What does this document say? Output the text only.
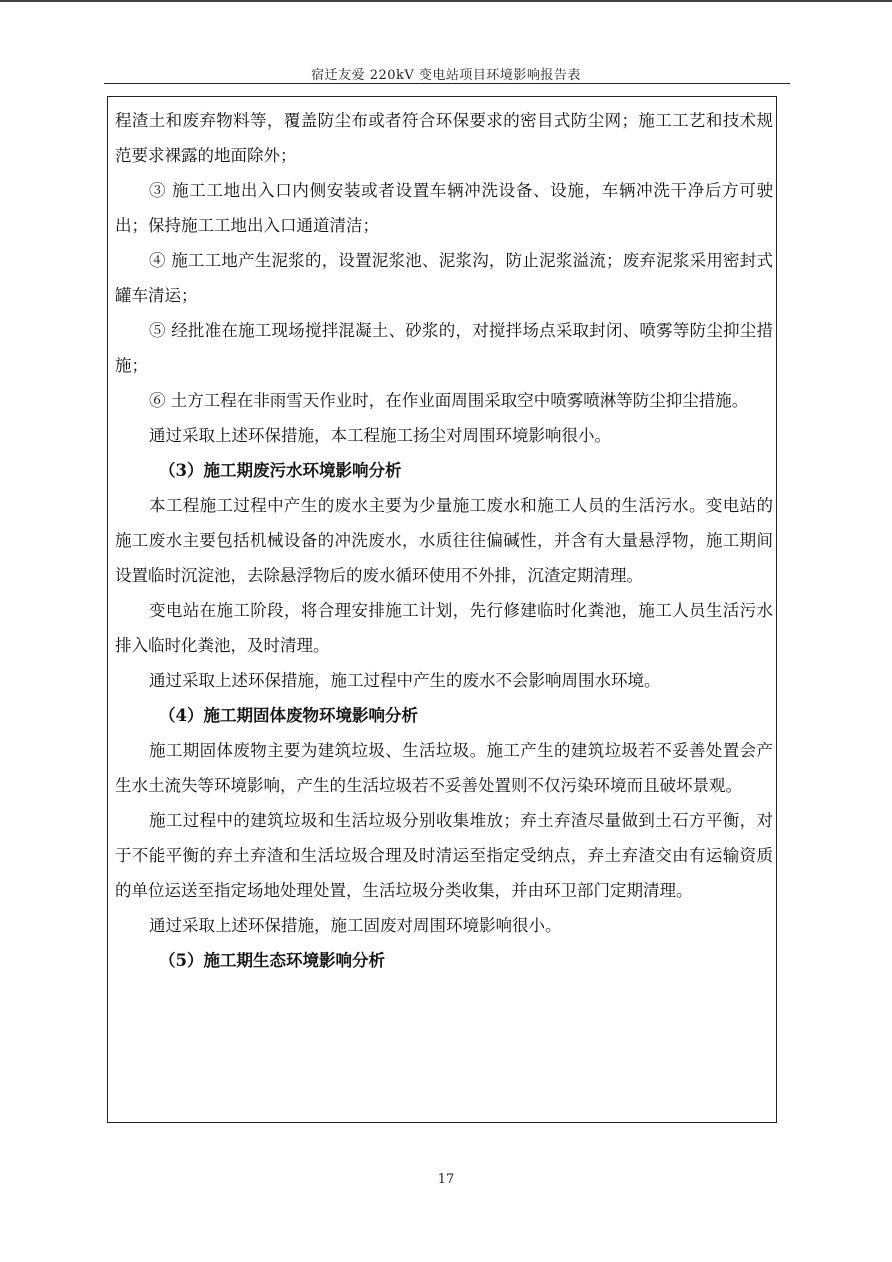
宿迁友爱 220kV 变电站项目环境影响报告表

程渣土和废弃物料等，覆盖防尘布或者符合环保要求的密目式防尘网；施工工艺和技术规范要求裸露的地面除外；

③ 施工工地出入口内侧安装或者设置车辆冲洗设备、设施，车辆冲洗干净后方可驶出；保持施工工地出入口通道清洁；

④ 施工工地产生泥浆的，设置泥浆池、泥浆沟，防止泥浆溢流；废弃泥浆采用密封式罐车清运；

⑤ 经批准在施工现场搅拌混凝土、砂浆的，对搅拌场点采取封闭、喷雾等防尘抑尘措施；

⑥ 土方工程在非雨雪天作业时，在作业面周围采取空中喷雾喷淋等防尘抑尘措施。

通过采取上述环保措施，本工程施工扬尘对周围环境影响很小。

（3）施工期废污水环境影响分析

本工程施工过程中产生的废水主要为少量施工废水和施工人员的生活污水。变电站的施工废水主要包括机械设备的冲洗废水，水质往往偏碱性，并含有大量悬浮物，施工期间设置临时沉淀池，去除悬浮物后的废水循环使用不外排，沉渣定期清理。

变电站在施工阶段，将合理安排施工计划，先行修建临时化粪池，施工人员生活污水排入临时化粪池，及时清理。

通过采取上述环保措施，施工过程中产生的废水不会影响周围水环境。

（4）施工期固体废物环境影响分析

施工期固体废物主要为建筑垃圾、生活垃圾。施工产生的建筑垃圾若不妥善处置会产生水土流失等环境影响，产生的生活垃圾若不妥善处置则不仅污染环境而且破坏景观。

施工过程中的建筑垃圾和生活垃圾分别收集堆放；弃土弃渣尽量做到土石方平衡，对于不能平衡的弃土弃渣和生活垃圾合理及时清运至指定受纳点，弃土弃渣交由有运输资质的单位运送至指定场地处理处置，生活垃圾分类收集，并由环卫部门定期清理。

通过采取上述环保措施，施工固废对周围环境影响很小。

（5）施工期生态环境影响分析

17
